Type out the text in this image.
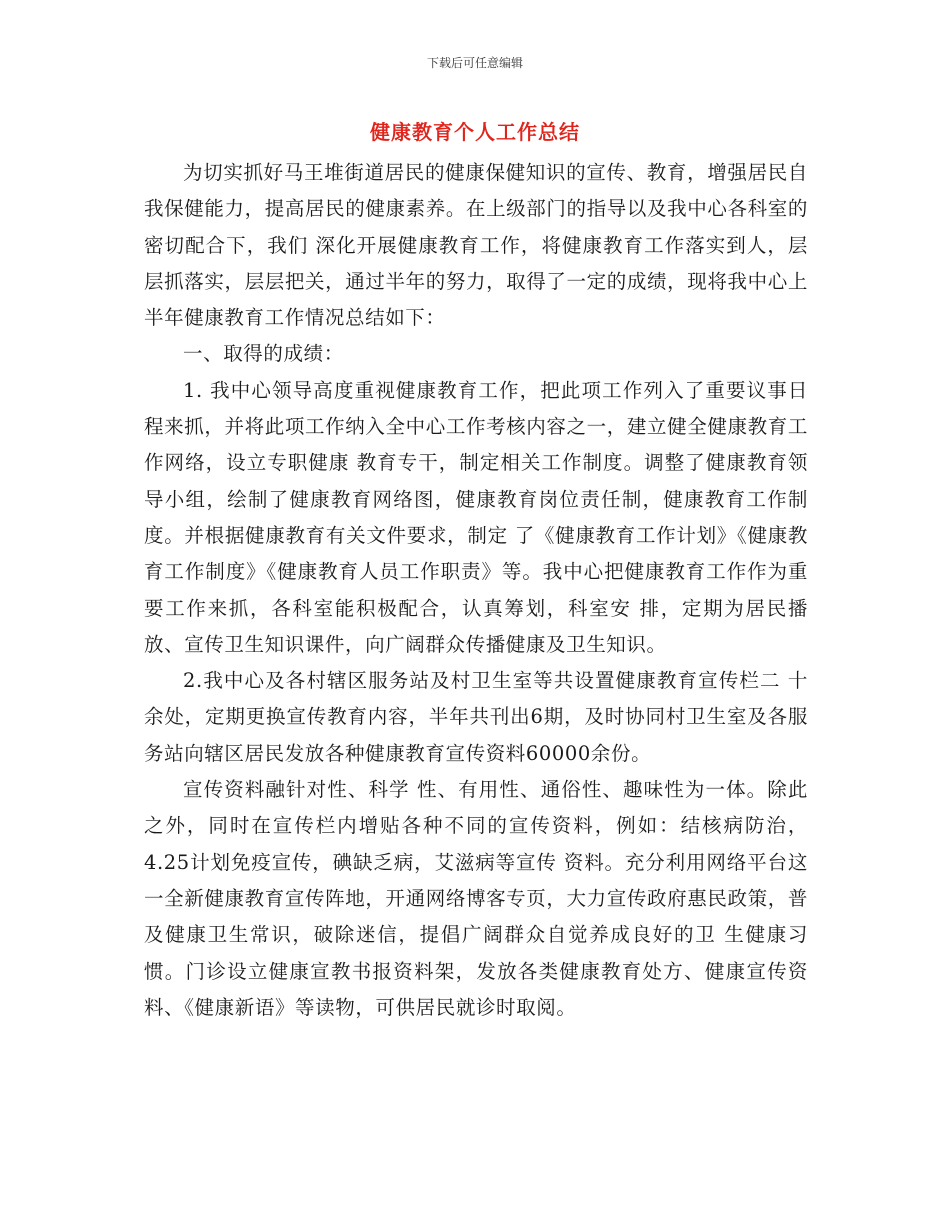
下载后可任意编辑
健康教育个人工作总结

为切实抓好马王堆街道居民的健康保健知识的宣传、教育，增强居民自我保健能力，提高居民的健康素养。在上级部门的指导以及我中心各科室的密切配合下，我们 深化开展健康教育工作，将健康教育工作落实到人，层层抓落实，层层把关，通过半年的努力，取得了一定的成绩，现将我中心上半年健康教育工作情况总结如下：

一、取得的成绩：

1. 我中心领导高度重视健康教育工作，把此项工作列入了重要议事日程来抓，并将此项工作纳入全中心工作考核内容之一，建立健全健康教育工作网络，设立专职健康 教育专干，制定相关工作制度。调整了健康教育领导小组，绘制了健康教育网络图，健康教育岗位责任制，健康教育工作制度。并根据健康教育有关文件要求，制定 了《健康教育工作计划》《健康教育工作制度》《健康教育人员工作职责》等。我中心把健康教育工作作为重要工作来抓，各科室能积极配合，认真筹划，科室安 排，定期为居民播放、宣传卫生知识课件，向广阔群众传播健康及卫生知识。

2.我中心及各村辖区服务站及村卫生室等共设置健康教育宣传栏二 十余处，定期更换宣传教育内容，半年共刊出6期，及时协同村卫生室及各服务站向辖区居民发放各种健康教育宣传资料60000余份。

宣传资料融针对性、科学 性、有用性、通俗性、趣味性为一体。除此之外，同时在宣传栏内增贴各种不同的宣传资料，例如：结核病防治，4.25计划免疫宣传，碘缺乏病，艾滋病等宣传 资料。充分利用网络平台这一全新健康教育宣传阵地，开通网络博客专页，大力宣传政府惠民政策，普及健康卫生常识，破除迷信，提倡广阔群众自觉养成良好的卫 生健康习惯。门诊设立健康宣教书报资料架，发放各类健康教育处方、健康宣传资料、《健康新语》等读物，可供居民就诊时取阅。
